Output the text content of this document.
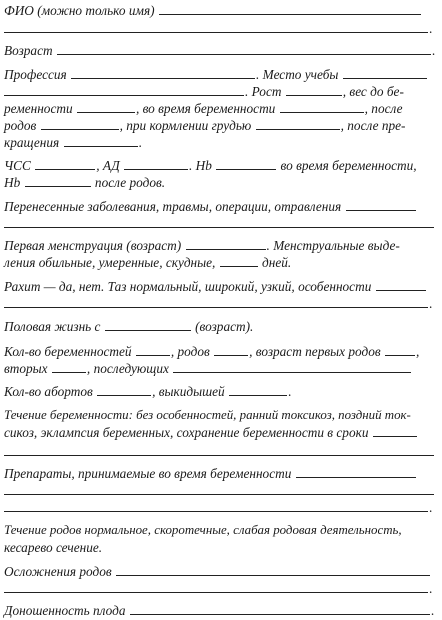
ФИО (можно только имя)
.
Возраст	.
Профессия	. Место учебы
. Рост	, вес до бе-
ременности	, во время беременности	, после
родов	, при кормлении грудью	, после пре-
кращения	.
ЧСС	, АД	. Hb	во время беременности,
Hb	после родов.
Перенесенные заболевания, травмы, операции, отравления
Первая менструация (возраст)	. Менструальные выде-
ления обильные, умеренные, скудные,	дней.
Рахит — да, нет. Таз нормальный, широкий, узкий, особенности
.
Половая жизнь с	(возраст).
Кол-во беременностей	, родов	, возраст первых родов	,
вторых	, последующих
Кол-во абортов	, выкидышей	.
Течение беременности: без особенностей, ранний токсикоз, поздний ток-
сикоз, эклампсия беременных, сохранение беременности в сроки
Препараты, принимаемые во время беременности
.
Течение родов нормальное, скоротечные, слабая родовая деятельность,
кесарево сечение.
Осложнения родов
.
Доношенность плода	.
